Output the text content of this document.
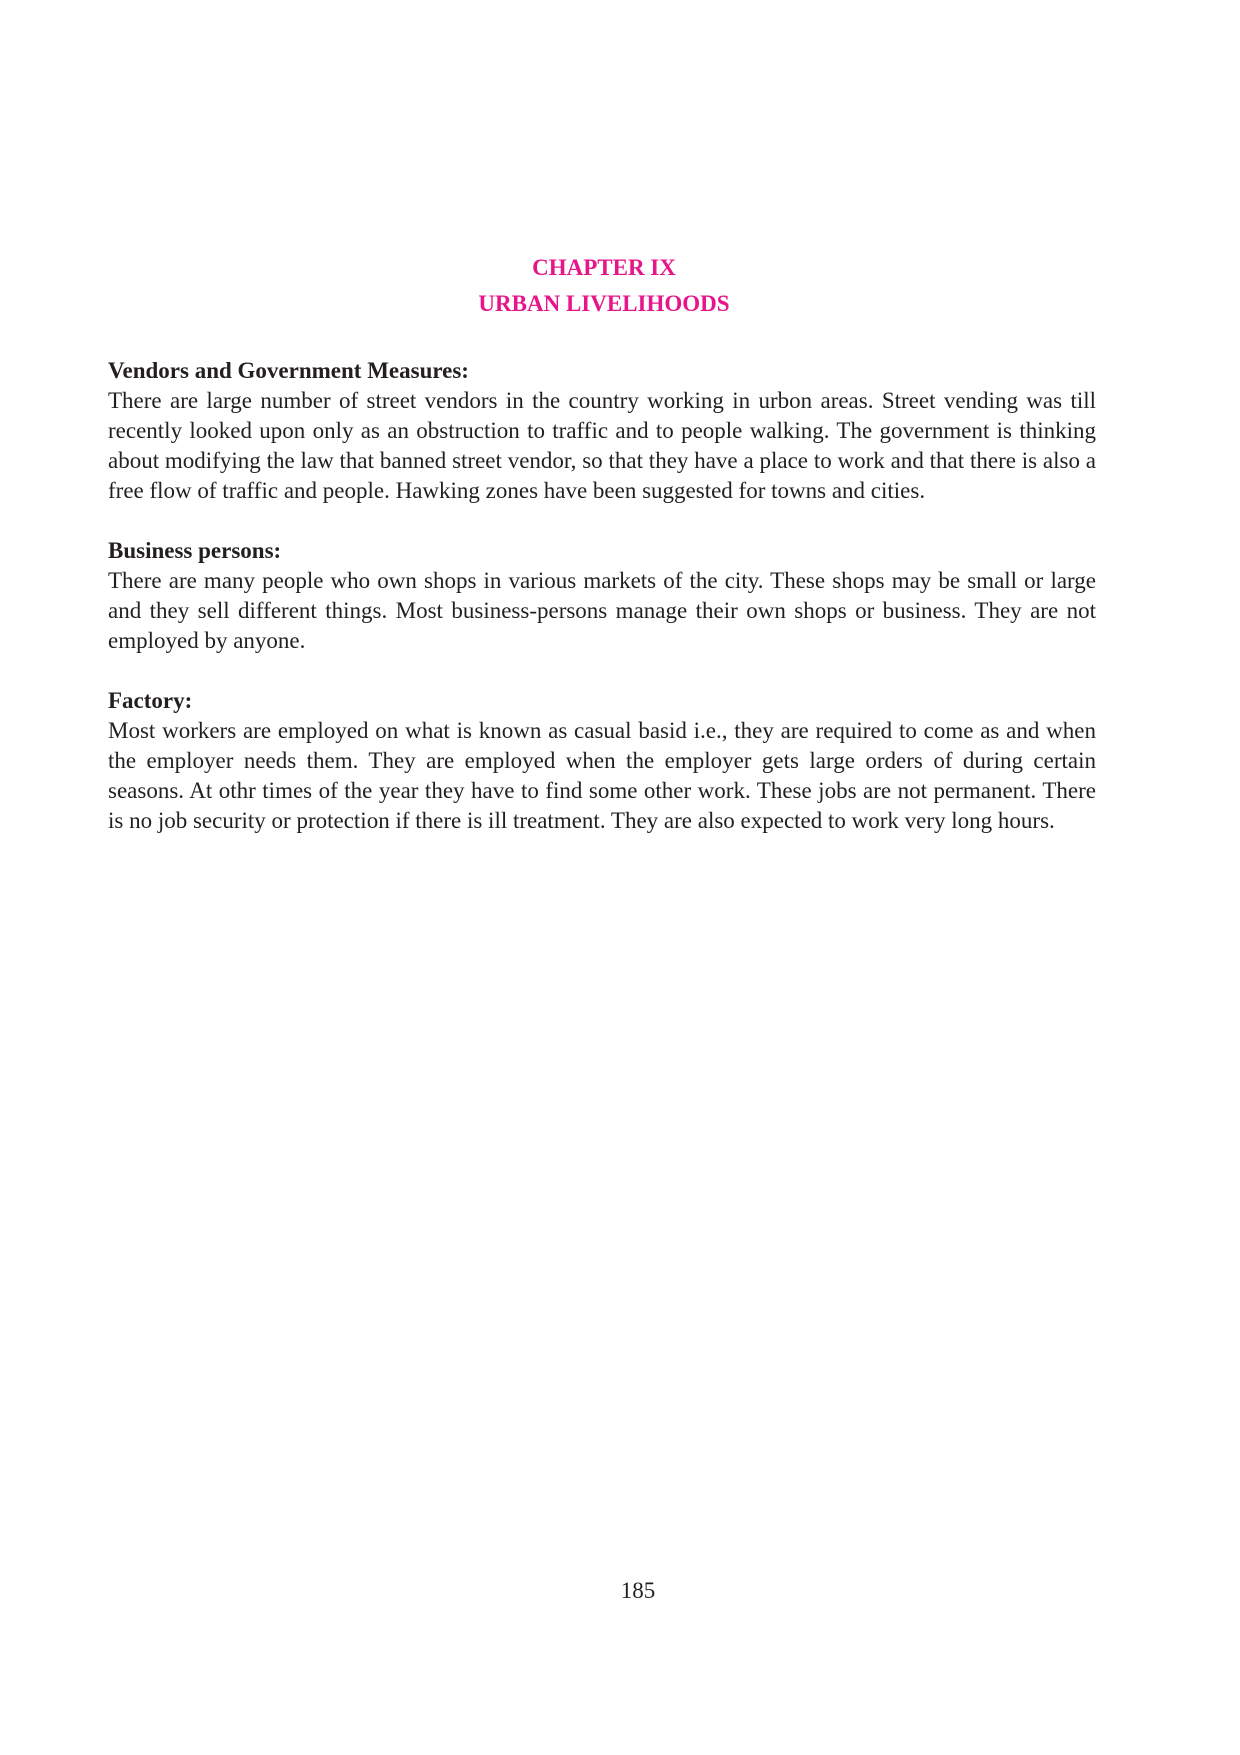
CHAPTER IX
URBAN LIVELIHOODS

Vendors and Government Measures:

There are large number of street vendors in the country working in urbon areas. Street vending was till recently looked upon only as an obstruction to traffic and to people walking. The government is thinking about modifying the law that banned street vendor, so that they have a place to work and that there is also a free flow of traffic and people. Hawking zones have been suggested for towns and cities.

Business persons:

There are many people who own shops in various markets of the city. These shops may be small or large and they sell different things. Most business-persons manage their own shops or business. They are not employed by anyone.

Factory:

Most workers are employed on what is known as casual basid i.e., they are required to come as and when the employer needs them. They are employed when the employer gets large orders of during certain seasons. At othr times of the year they have to find some other work. These jobs are not permanent. There is no job security or protection if there is ill treatment. They are also expected to work very long hours.

185
